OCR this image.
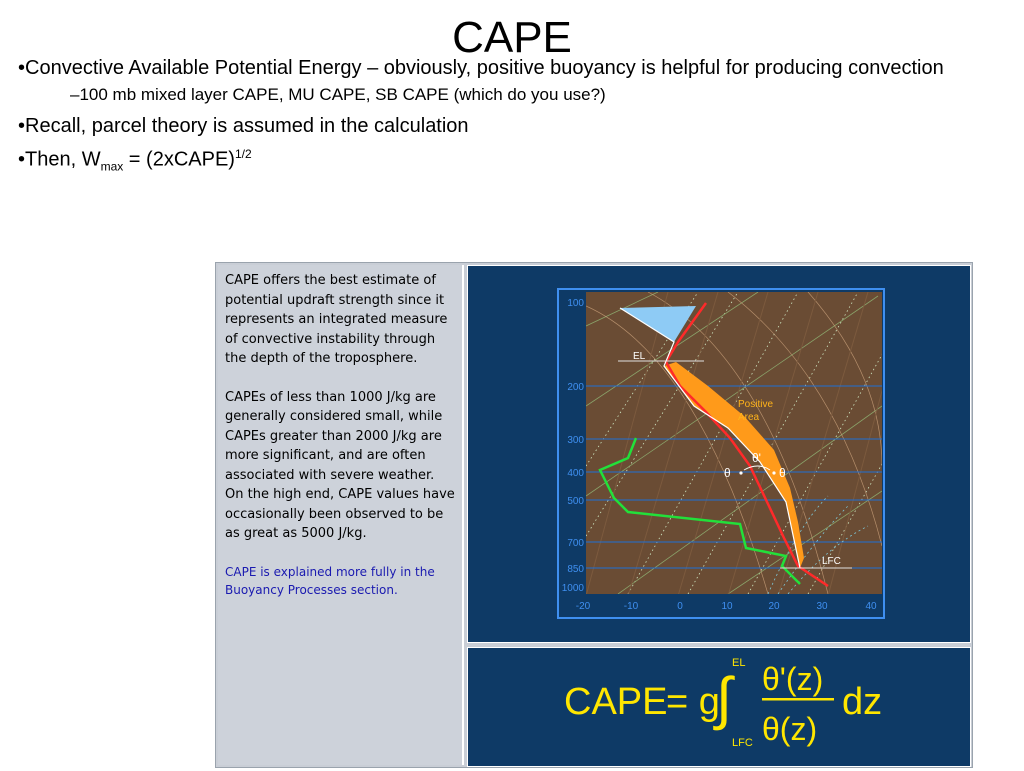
CAPE
•Convective Available Potential Energy – obviously, positive buoyancy is helpful for producing convection
–100 mb mixed layer CAPE, MU CAPE, SB CAPE (which do you use?)
•Recall, parcel theory is assumed in the calculation
•Then, $W_{max}$ = (2xCAPE)$^{1/2}$

CAPE offers the best estimate of potential updraft strength since it represents an integrated measure of convective instability through the depth of the troposphere.

CAPEs of less than 1000 J/kg are generally considered small, while CAPEs greater than 2000 J/kg are more significant, and are often associated with severe weather. On the high end, CAPE values have occasionally been observed to be as great as 5000 J/kg.

CAPE is explained more fully in the Buoyancy Processes section.

100
200
300
400
500
700
850
1000
-20	-10	0	10	20	30	40
EL
LFC
Positive
Area
θ'
θ	θ
CAPE
= g
∫
EL
LFC
θ'(z)
θ(z)
dz
